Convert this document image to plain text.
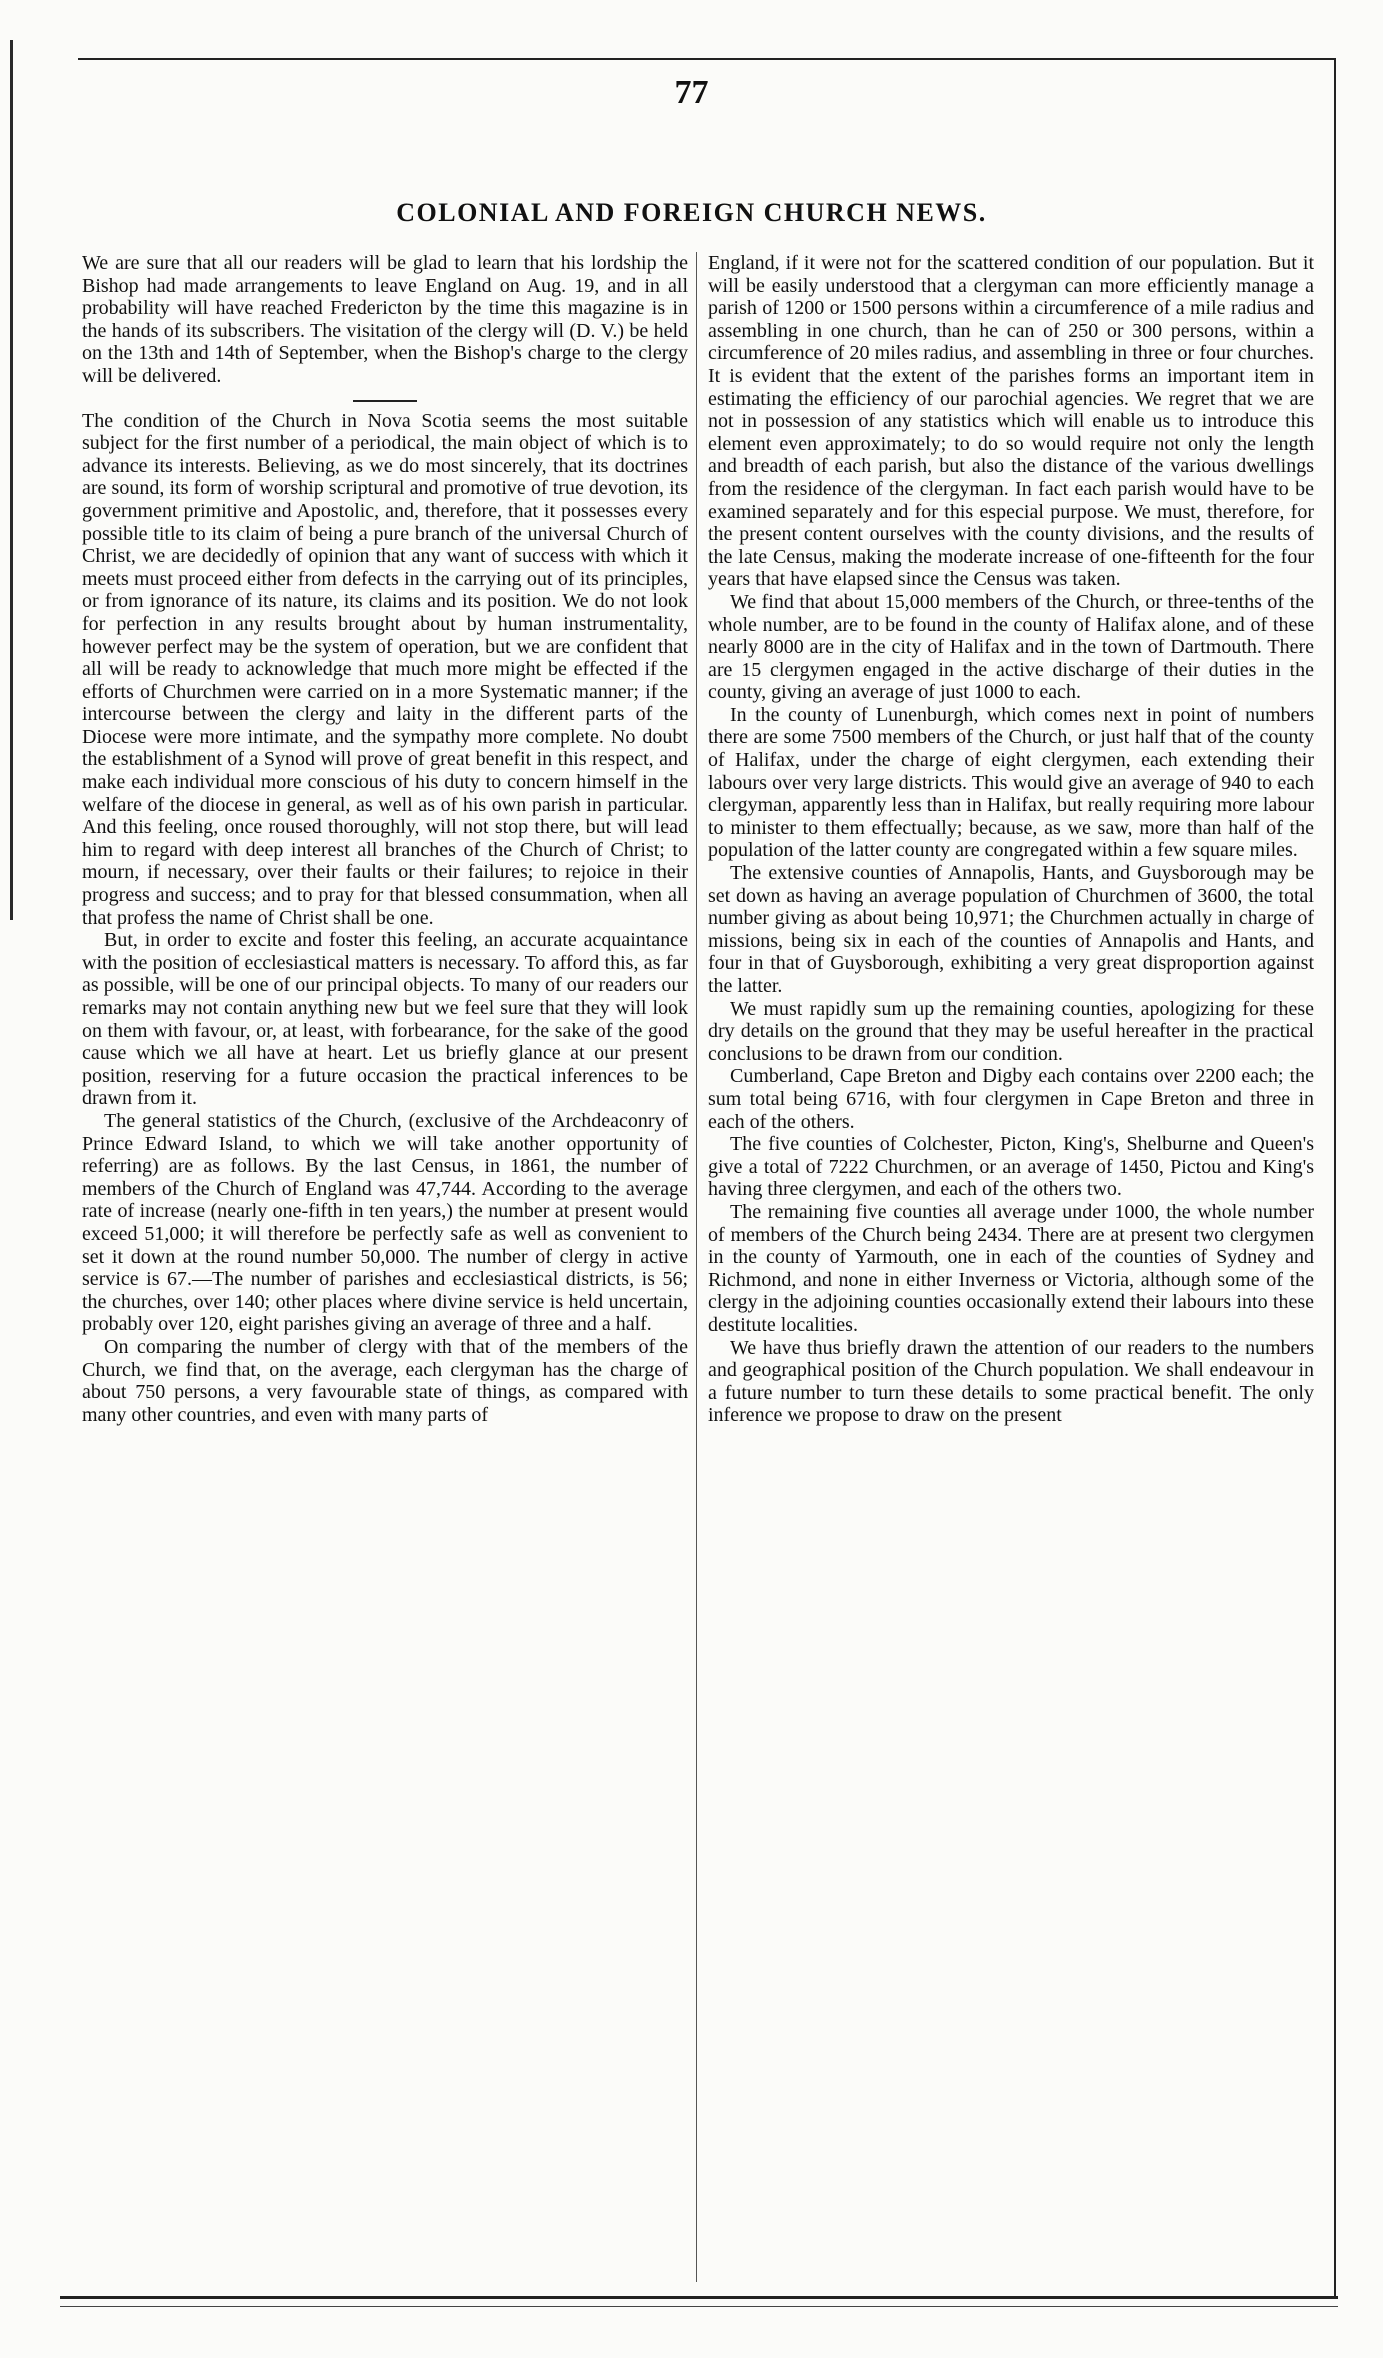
77
COLONIAL AND FOREIGN CHURCH NEWS.

We are sure that all our readers will be glad to learn that his lordship the Bishop had made arrangements to leave England on Aug. 19, and in all probability will have reached Fredericton by the time this magazine is in the hands of its subscribers. The visitation of the clergy will (D. V.) be held on the 13th and 14th of September, when the Bishop's charge to the clergy will be delivered.

The condition of the Church in Nova Scotia seems the most suitable subject for the first number of a periodical, the main object of which is to advance its interests. Believing, as we do most sincerely, that its doctrines are sound, its form of worship scriptural and promotive of true devotion, its government primitive and Apostolic, and, therefore, that it possesses every possible title to its claim of being a pure branch of the universal Church of Christ, we are decidedly of opinion that any want of success with which it meets must proceed either from defects in the carrying out of its principles, or from ignorance of its nature, its claims and its position. We do not look for perfection in any results brought about by human instrumentality, however perfect may be the system of operation, but we are confident that all will be ready to acknowledge that much more might be effected if the efforts of Churchmen were carried on in a more Systematic manner; if the intercourse between the clergy and laity in the different parts of the Diocese were more intimate, and the sympathy more complete. No doubt the establishment of a Synod will prove of great benefit in this respect, and make each individual more conscious of his duty to concern himself in the welfare of the diocese in general, as well as of his own parish in particular. And this feeling, once roused thoroughly, will not stop there, but will lead him to regard with deep interest all branches of the Church of Christ; to mourn, if necessary, over their faults or their failures; to rejoice in their progress and success; and to pray for that blessed consummation, when all that profess the name of Christ shall be one.

But, in order to excite and foster this feeling, an accurate acquaintance with the position of ecclesiastical matters is necessary. To afford this, as far as possible, will be one of our principal objects. To many of our readers our remarks may not contain anything new but we feel sure that they will look on them with favour, or, at least, with forbearance, for the sake of the good cause which we all have at heart. Let us briefly glance at our present position, reserving for a future occasion the practical inferences to be drawn from it.

The general statistics of the Church, (exclusive of the Archdeaconry of Prince Edward Island, to which we will take another opportunity of referring) are as follows. By the last Census, in 1861, the number of members of the Church of England was 47,744. According to the average rate of increase (nearly one-fifth in ten years,) the number at present would exceed 51,000; it will therefore be perfectly safe as well as convenient to set it down at the round number 50,000. The number of clergy in active service is 67.—The number of parishes and ecclesiastical districts, is 56; the churches, over 140; other places where divine service is held uncertain, probably over 120, eight parishes giving an average of three and a half.

On comparing the number of clergy with that of the members of the Church, we find that, on the average, each clergyman has the charge of about 750 persons, a very favourable state of things, as compared with many other countries, and even with many parts of

England, if it were not for the scattered condition of our population. But it will be easily understood that a clergyman can more efficiently manage a parish of 1200 or 1500 persons within a circumference of a mile radius and assembling in one church, than he can of 250 or 300 persons, within a circumference of 20 miles radius, and assembling in three or four churches. It is evident that the extent of the parishes forms an important item in estimating the efficiency of our parochial agencies. We regret that we are not in possession of any statistics which will enable us to introduce this element even approximately; to do so would require not only the length and breadth of each parish, but also the distance of the various dwellings from the residence of the clergyman. In fact each parish would have to be examined separately and for this especial purpose. We must, therefore, for the present content ourselves with the county divisions, and the results of the late Census, making the moderate increase of one-fifteenth for the four years that have elapsed since the Census was taken.

We find that about 15,000 members of the Church, or three-tenths of the whole number, are to be found in the county of Halifax alone, and of these nearly 8000 are in the city of Halifax and in the town of Dartmouth. There are 15 clergymen engaged in the active discharge of their duties in the county, giving an average of just 1000 to each.

In the county of Lunenburgh, which comes next in point of numbers there are some 7500 members of the Church, or just half that of the county of Halifax, under the charge of eight clergymen, each extending their labours over very large districts. This would give an average of 940 to each clergyman, apparently less than in Halifax, but really requiring more labour to minister to them effectually; because, as we saw, more than half of the population of the latter county are congregated within a few square miles.

The extensive counties of Annapolis, Hants, and Guysborough may be set down as having an average population of Churchmen of 3600, the total number giving as about being 10,971; the Churchmen actually in charge of missions, being six in each of the counties of Annapolis and Hants, and four in that of Guysborough, exhibiting a very great disproportion against the latter.

We must rapidly sum up the remaining counties, apologizing for these dry details on the ground that they may be useful hereafter in the practical conclusions to be drawn from our condition.

Cumberland, Cape Breton and Digby each contains over 2200 each; the sum total being 6716, with four clergymen in Cape Breton and three in each of the others.

The five counties of Colchester, Picton, King's, Shelburne and Queen's give a total of 7222 Churchmen, or an average of 1450, Pictou and King's having three clergymen, and each of the others two.

The remaining five counties all average under 1000, the whole number of members of the Church being 2434. There are at present two clergymen in the county of Yarmouth, one in each of the counties of Sydney and Richmond, and none in either Inverness or Victoria, although some of the clergy in the adjoining counties occasionally extend their labours into these destitute localities.

We have thus briefly drawn the attention of our readers to the numbers and geographical position of the Church population. We shall endeavour in a future number to turn these details to some practical benefit. The only inference we propose to draw on the present
